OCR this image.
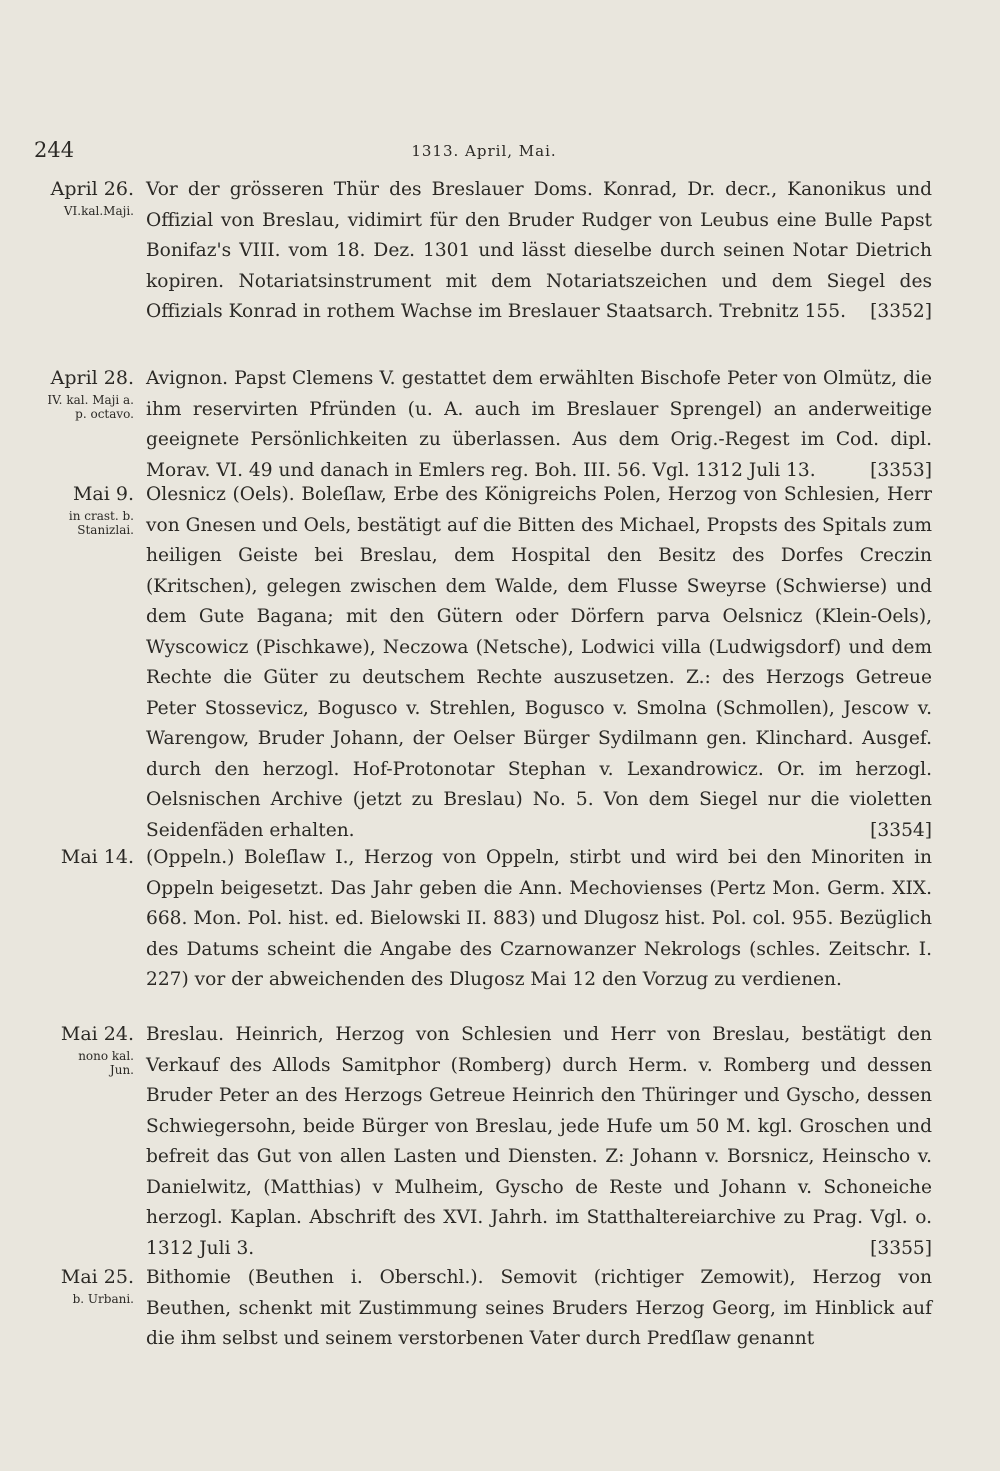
244	1313. April, Mai.
April 26.
VI.kal.Maji.

Vor der grösseren Thür des Breslauer Doms. Konrad, Dr. decr., Kanonikus und Offizial von Breslau, vidimirt für den Bruder Rudger von Leubus eine Bulle Papst Bonifaz's VIII. vom 18. Dez. 1301 und lässt dieselbe durch seinen Notar Dietrich kopiren. Notariatsinstrument mit dem Notariatszeichen und dem Siegel des Offizials Konrad in rothem Wachse im Breslauer Staatsarch. Trebnitz 155. [3352]

April 28.
IV. kal. Maji a. p. octavo.

Avignon. Papst Clemens V. gestattet dem erwählten Bischofe Peter von Olmütz, die ihm reservirten Pfründen (u. A. auch im Breslauer Sprengel) an anderweitige geeignete Persönlichkeiten zu überlassen. Aus dem Orig.-Regest im Cod. dipl. Morav. VI. 49 und danach in Emlers reg. Boh. III. 56. Vgl. 1312 Juli 13.	[3353]

Mai 9.
in crast. b. Stanizlai.

Olesnicz (Oels). Boleſlaw, Erbe des Königreichs Polen, Herzog von Schlesien, Herr von Gnesen und Oels, bestätigt auf die Bitten des Michael, Propsts des Spitals zum heiligen Geiste bei Breslau, dem Hospital den Besitz des Dorfes Creczin (Kritschen), gelegen zwischen dem Walde, dem Flusse Sweyrse (Schwierse) und dem Gute Bagana; mit den Gütern oder Dörfern parva Oelsnicz (Klein-Oels), Wyscowicz (Pischkawe), Neczowa (Netsche), Lodwici villa (Ludwigsdorf) und dem Rechte die Güter zu deutschem Rechte auszusetzen. Z.: des Herzogs Getreue Peter Stossevicz, Bogusco v. Strehlen, Bogusco v. Smolna (Schmollen), Jescow v. Warengow, Bruder Johann, der Oelser Bürger Sydilmann gen. Klinchard. Ausgef. durch den herzogl. Hof-Protonotar Stephan v. Lexandrowicz. Or. im herzogl. Oelsnischen Archive (jetzt zu Breslau) No. 5. Von dem Siegel nur die violetten Seidenfäden erhalten.	[3354]

Mai 14. (Oppeln.) Boleſlaw I., Herzog von Oppeln, stirbt und wird bei den Minoriten in Oppeln beigesetzt. Das Jahr geben die Ann. Mechovienses (Pertz Mon. Germ. XIX. 668. Mon. Pol. hist. ed. Bielowski II. 883) und Dlugosz hist. Pol. col. 955. Bezüglich des Datums scheint die Angabe des Czarnowanzer Nekrologs (schles. Zeitschr. I. 227) vor der abweichenden des Dlugosz Mai 12 den Vorzug zu verdienen.

Mai 24.
nono kal. Jun.

Breslau. Heinrich, Herzog von Schlesien und Herr von Breslau, bestätigt den Verkauf des Allods Samitphor (Romberg) durch Herm. v. Romberg und dessen Bruder Peter an des Herzogs Getreue Heinrich den Thüringer und Gyscho, dessen Schwiegersohn, beide Bürger von Breslau, jede Hufe um 50 M. kgl. Groschen und befreit das Gut von allen Lasten und Diensten. Z: Johann v. Borsnicz, Heinscho v. Danielwitz, (Matthias) v Mulheim, Gyscho de Reste und Johann v. Schoneiche herzogl. Kaplan. Abschrift des XVI. Jahrh. im Statthaltereiarchive zu Prag. Vgl. o. 1312 Juli 3.	[3355]

Mai 25.
b. Urbani.

Bithomie (Beuthen i. Oberschl.). Semovit (richtiger Zemowit), Herzog von Beuthen, schenkt mit Zustimmung seines Bruders Herzog Georg, im Hinblick auf die ihm selbst und seinem verstorbenen Vater durch Predſlaw genannt
